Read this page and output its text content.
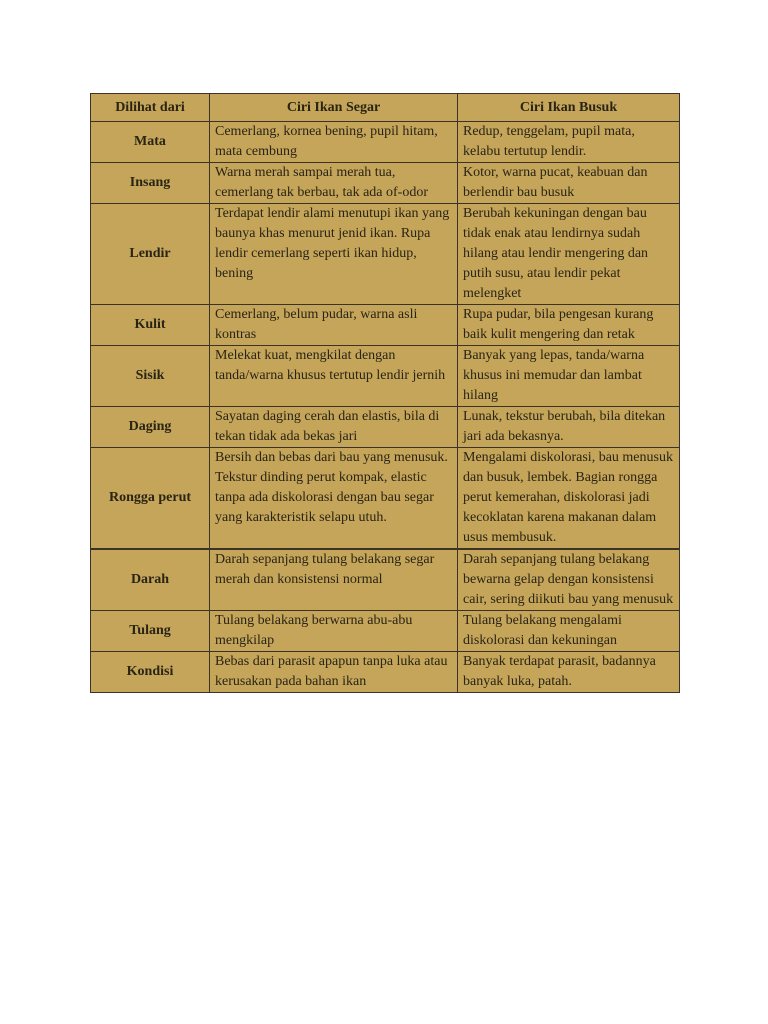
Dilihat dari	Ciri Ikan Segar	Ciri Ikan Busuk
Mata	Cemerlang, kornea bening, pupil hitam, mata cembung	Redup, tenggelam, pupil mata, kelabu tertutup lendir.
Insang	Warna merah sampai merah tua, cemerlang tak berbau, tak ada of-odor	Kotor, warna pucat, keabuan dan berlendir bau busuk
Lendir	Terdapat lendir alami menutupi ikan yang baunya khas menurut jenid ikan. Rupa lendir cemerlang seperti ikan hidup, bening	Berubah kekuningan dengan bau tidak enak atau lendirnya sudah hilang atau lendir mengering dan putih susu, atau lendir pekat melengket
Kulit	Cemerlang, belum pudar, warna asli kontras	Rupa pudar, bila pengesan kurang baik kulit mengering dan retak
Sisik	Melekat kuat, mengkilat dengan tanda/warna khusus tertutup lendir jernih	Banyak yang lepas, tanda/warna khusus ini memudar dan lambat hilang
Daging	Sayatan daging cerah dan elastis, bila di tekan tidak ada bekas jari	Lunak, tekstur berubah, bila ditekan jari ada bekasnya.
Rongga perut	Bersih dan bebas dari bau yang menusuk. Tekstur dinding perut kompak, elastic tanpa ada diskolorasi dengan bau segar yang karakteristik selapu utuh.	Mengalami diskolorasi, bau menusuk dan busuk, lembek. Bagian rongga perut kemerahan, diskolorasi jadi kecoklatan karena makanan dalam usus membusuk.
Darah	Darah sepanjang tulang belakang segar merah dan konsistensi normal	Darah sepanjang tulang belakang bewarna gelap dengan konsistensi cair, sering diikuti bau yang menusuk
Tulang	Tulang belakang berwarna abu-abu mengkilap	Tulang belakang mengalami diskolorasi dan kekuningan
Kondisi	Bebas dari parasit apapun tanpa luka atau kerusakan pada bahan ikan	Banyak terdapat parasit, badannya banyak luka, patah.
